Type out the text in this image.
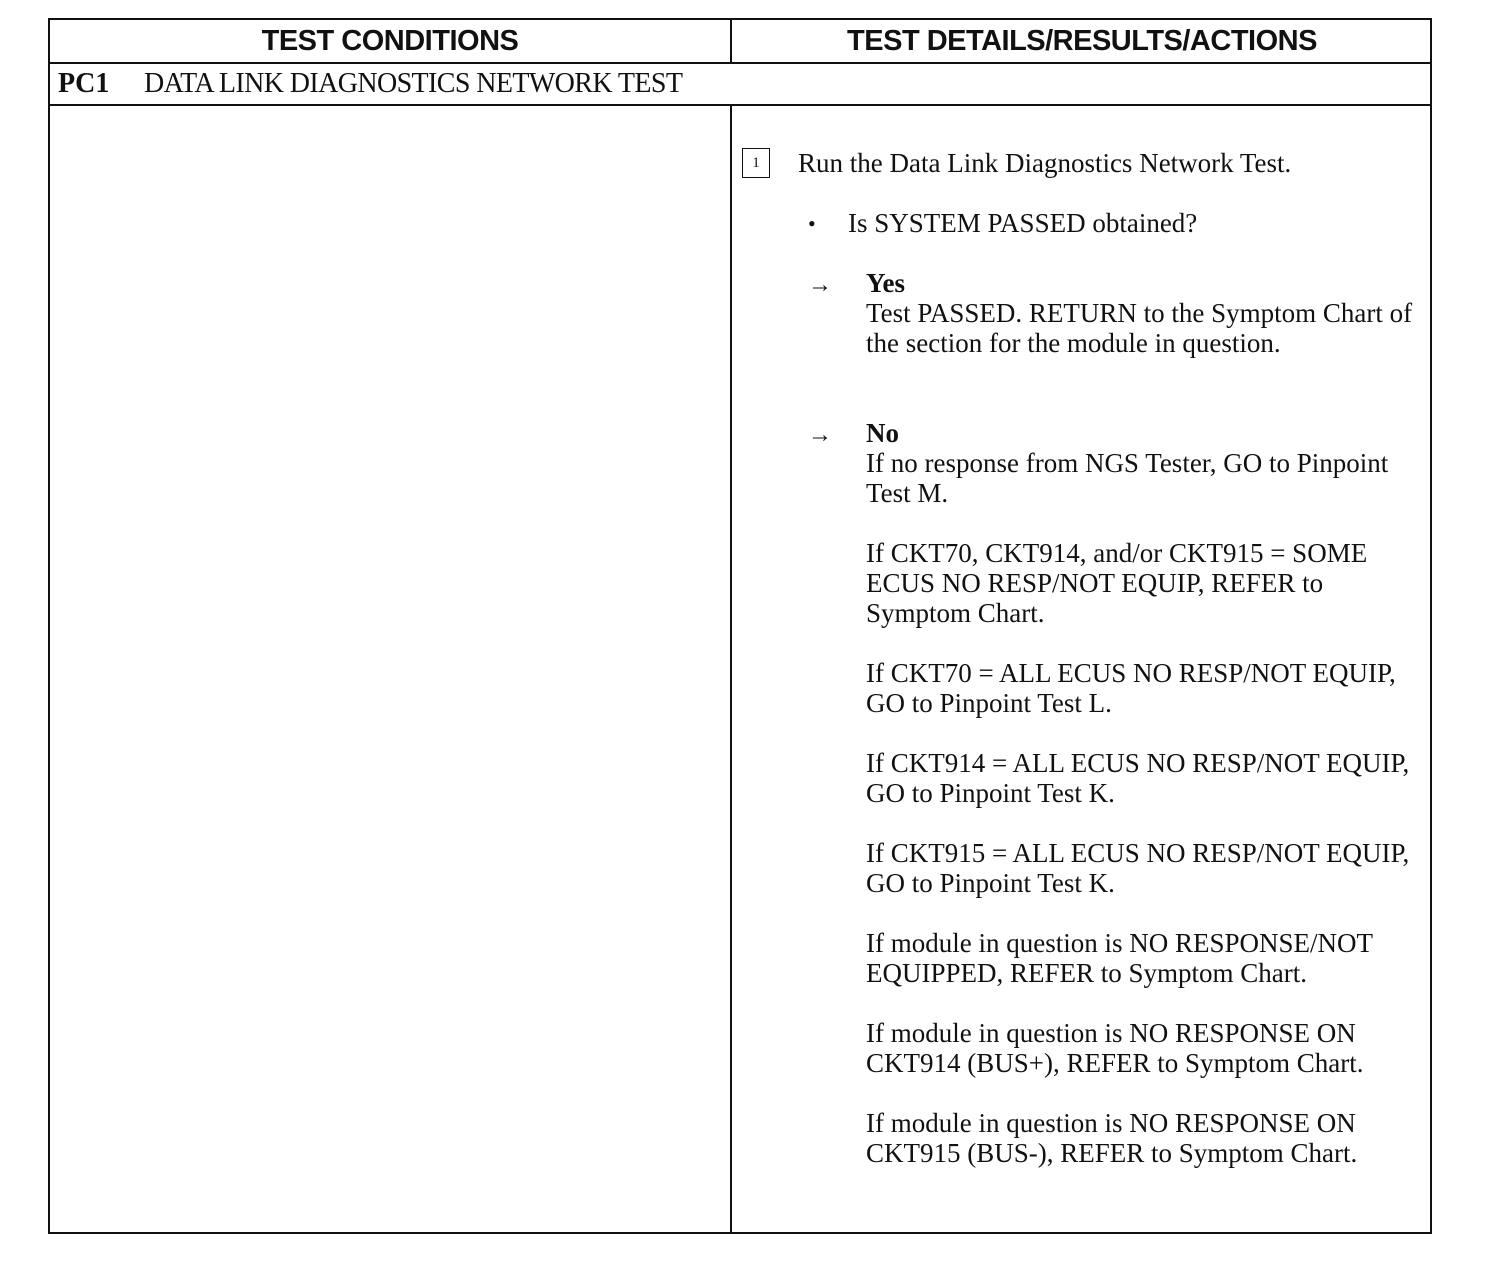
TEST CONDITIONS	TEST DETAILS/RESULTS/ACTIONS
PC1	DATA LINK DIAGNOSTICS NETWORK TEST
1	Run the Data Link Diagnostics Network Test.
• Is SYSTEM PASSED obtained?
→ Yes

Test PASSED. RETURN to the Symptom Chart of the section for the module in question.

→ No

If no response from NGS Tester, GO to Pinpoint Test M.

If CKT70, CKT914, and/or CKT915 = SOME ECUS NO RESP/NOT EQUIP, REFER to Symptom Chart.

If CKT70 = ALL ECUS NO RESP/NOT EQUIP, GO to Pinpoint Test L.

If CKT914 = ALL ECUS NO RESP/NOT EQUIP, GO to Pinpoint Test K.

If CKT915 = ALL ECUS NO RESP/NOT EQUIP, GO to Pinpoint Test K.

If module in question is NO RESPONSE/NOT EQUIPPED, REFER to Symptom Chart.

If module in question is NO RESPONSE ON CKT914 (BUS+), REFER to Symptom Chart.

If module in question is NO RESPONSE ON CKT915 (BUS-), REFER to Symptom Chart.
